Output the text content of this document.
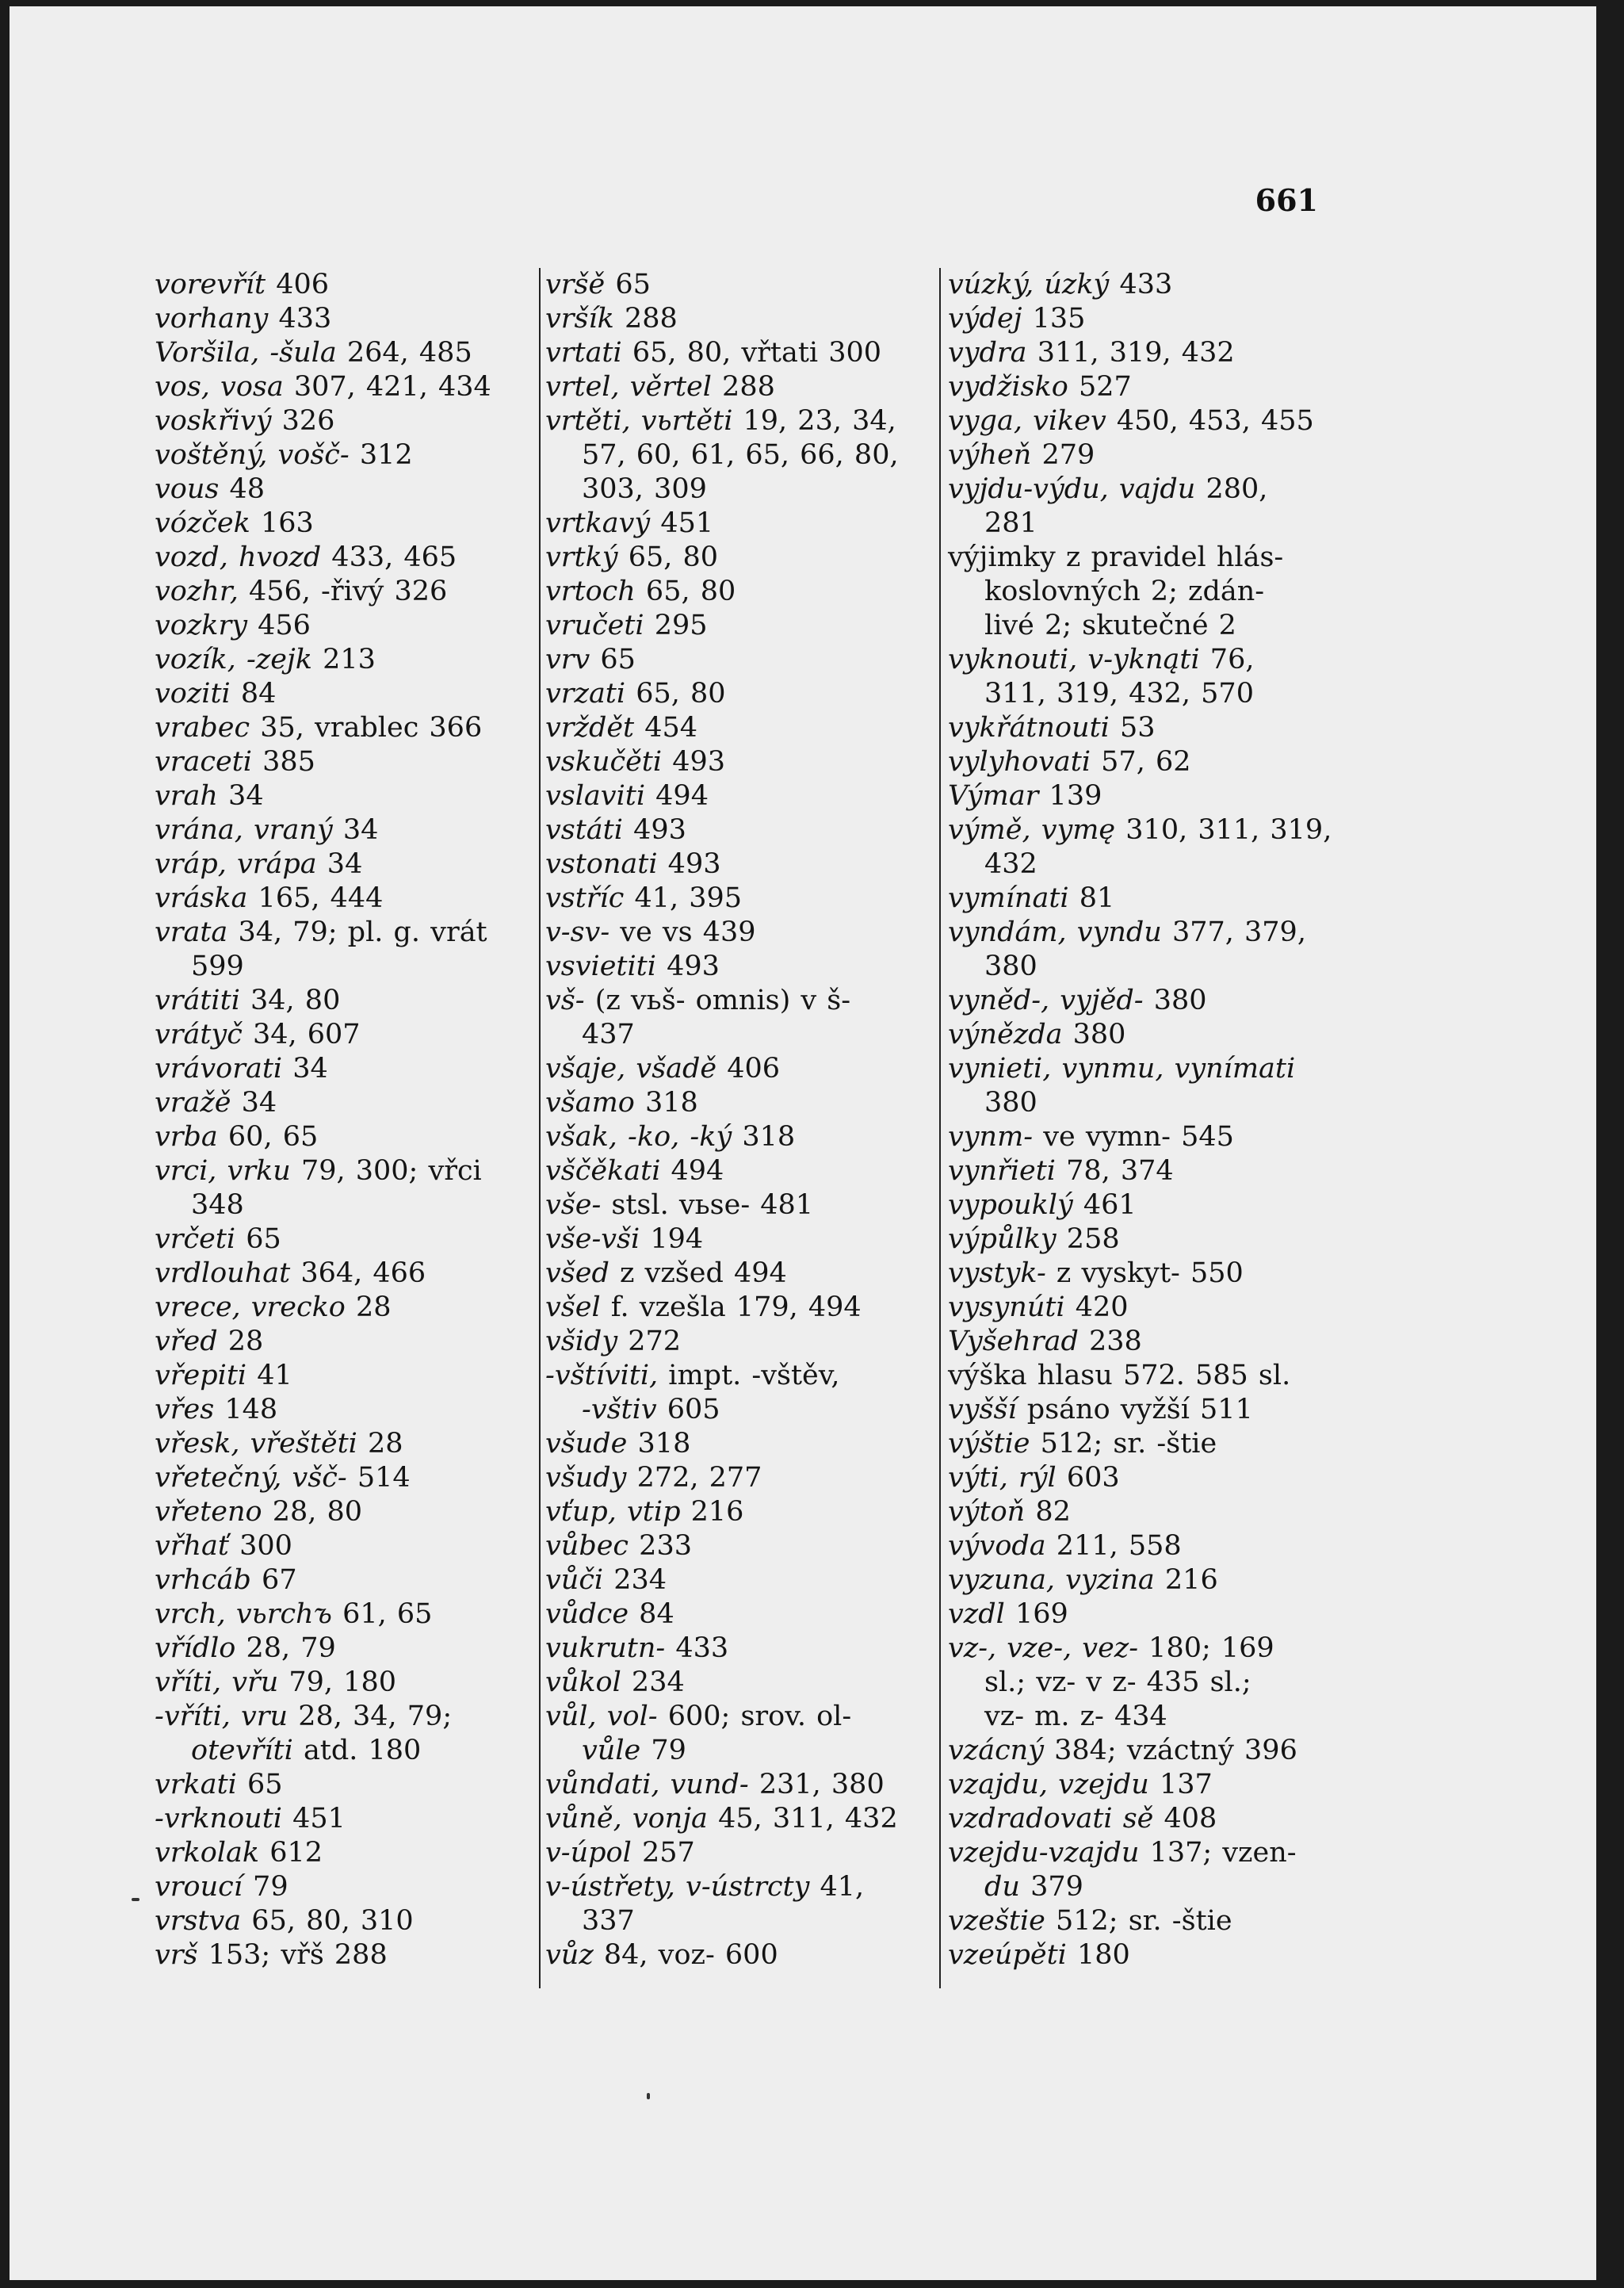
661
vorevřít 406
vorhany 433
Voršila, -šula 264, 485
vos, vosa 307, 421, 434
voskřivý 326
voštěný, vošč- 312
vous 48
vózček 163
vozd, hvozd 433, 465
vozhr, 456, -řivý 326
vozkry 456
vozík, -zejk 213
voziti 84
vrabec 35, vrablec 366
vraceti 385
vrah 34
vrána, vraný 34
vráp, vrápa 34
vráska 165, 444
vrata 34, 79; pl. g. vrát
599
vrátiti 34, 80
vrátyč 34, 607
vrávorati 34
vražě 34
vrba 60, 65
vrci, vrku 79, 300; vřci
348
vrčeti 65
vrdlouhat 364, 466
vrece, vrecko 28
vřed 28
vřepiti 41
vřes 148
vřesk, vřeštěti 28
vřetečný, všč- 514
vřeteno 28, 80
vřhať 300
vrhcáb 67
vrch, vьrchъ 61, 65
vřídlo 28, 79
vříti, vřu 79, 180
-vříti, vru 28, 34, 79;
otevříti atd. 180
vrkati 65
-vrknouti 451
vrkolak 612
vroucí 79
vrstva 65, 80, 310
vrš 153; vřš 288
vršě 65
vršík 288
vrtati 65, 80, vřtati 300
vrtel, věrtel 288
vrtěti, vьrtěti 19, 23, 34,
57, 60, 61, 65, 66, 80,
303, 309
vrtkavý 451
vrtký 65, 80
vrtoch 65, 80
vručeti 295
vrv 65
vrzati 65, 80
vrždět 454
vskučěti 493
vslaviti 494
vstáti 493
vstonati 493
vstříc 41, 395
v-sv- ve vs 439
vsvietiti 493
vš- (z vьš- omnis) v š-
437
všaje, všadě 406
všamo 318
však, -ko, -ký 318
vščěkati 494
vše- stsl. vьse- 481
vše-vši 194
všed z vzšed 494
všel f. vzešla 179, 494
všidy 272
-vštíviti, impt. -vštěv,
-vštiv 605
všude 318
všudy 272, 277
vťup, vtip 216
vůbec 233
vůči 234
vůdce 84
vukrutn- 433
vůkol 234
vůl, vol- 600; srov. ol-
vůle 79
vůndati, vund- 231, 380
vůně, vonja 45, 311, 432
v-úpol 257
v-ústřety, v-ústrcty 41,
337
vůz 84, voz- 600
vúzký, úzký 433
výdej 135
vydra 311, 319, 432
vydžisko 527
vyga, vikev 450, 453, 455
výheň 279
vyjdu-výdu, vajdu 280,
281
výjimky z pravidel hlás-
koslovných 2; zdán-
livé 2; skutečné 2
vyknouti, v-yknąti 76,
311, 319, 432, 570
vykřátnouti 53
vylyhovati 57, 62
Výmar 139
výmě, vymę 310, 311, 319,
432
vymínati 81
vyndám, vyndu 377, 379,
380
vyněd-, vyjěd- 380
výnězda 380
vynieti, vynmu, vynímati
380
vynm- ve vymn- 545
vynřieti 78, 374
vypouklý 461
výpůlky 258
vystyk- z vyskyt- 550
vysynúti 420
Vyšehrad 238
výška hlasu 572. 585 sl.
vyšší psáno vyžší 511
výštie 512; sr. -štie
výti, rýl 603
výtoň 82
vývoda 211, 558
vyzuna, vyzina 216
vzdl 169
vz-, vze-, vez- 180; 169
sl.; vz- v z- 435 sl.;
vz- m. z- 434
vzácný 384; vzáctný 396
vzajdu, vzejdu 137
vzdradovati sě 408
vzejdu-vzajdu 137; vzen-
du 379
vzeštie 512; sr. -štie
vzeúpěti 180
